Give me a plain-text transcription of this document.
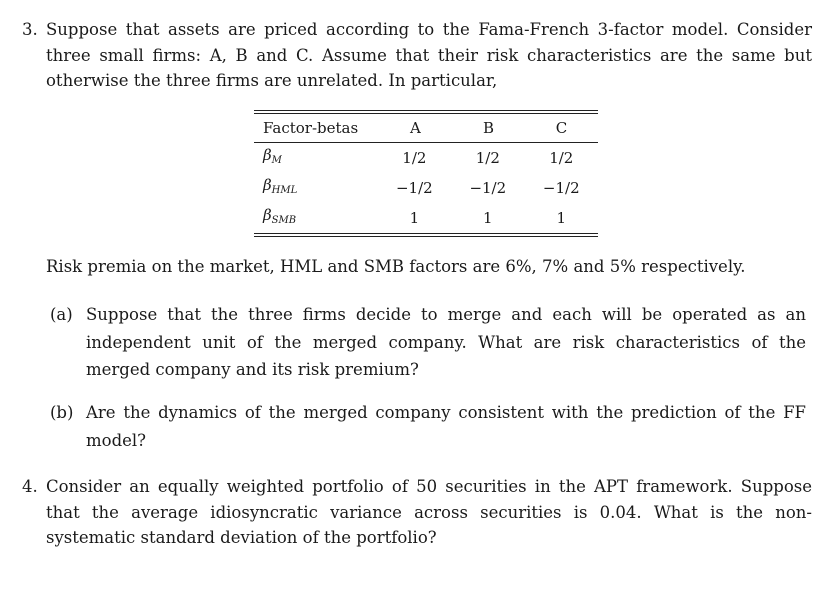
3. Suppose that assets are priced according to the Fama-French 3-factor model. Consider three small firms: A, B and C. Assume that their risk characteristics are the same but otherwise the three firms are unrelated. In particular,
Factor-betas	A	B	C
$\beta_M$	1/2	1/2	1/2
$\beta_{HML}$	−1/2	−1/2	−1/2
$\beta_{SMB}$	1	1	1
Risk premia on the market, HML and SMB factors are 6%, 7% and 5% respectively.
(a) Suppose that the three firms decide to merge and each will be operated as an independent unit of the merged company. What are risk characteristics of the merged company and its risk premium?
(b) Are the dynamics of the merged company consistent with the prediction of the FF model?
4. Consider an equally weighted portfolio of 50 securities in the APT framework. Suppose that the average idiosyncratic variance across securities is 0.04. What is the non-systematic standard deviation of the portfolio?
